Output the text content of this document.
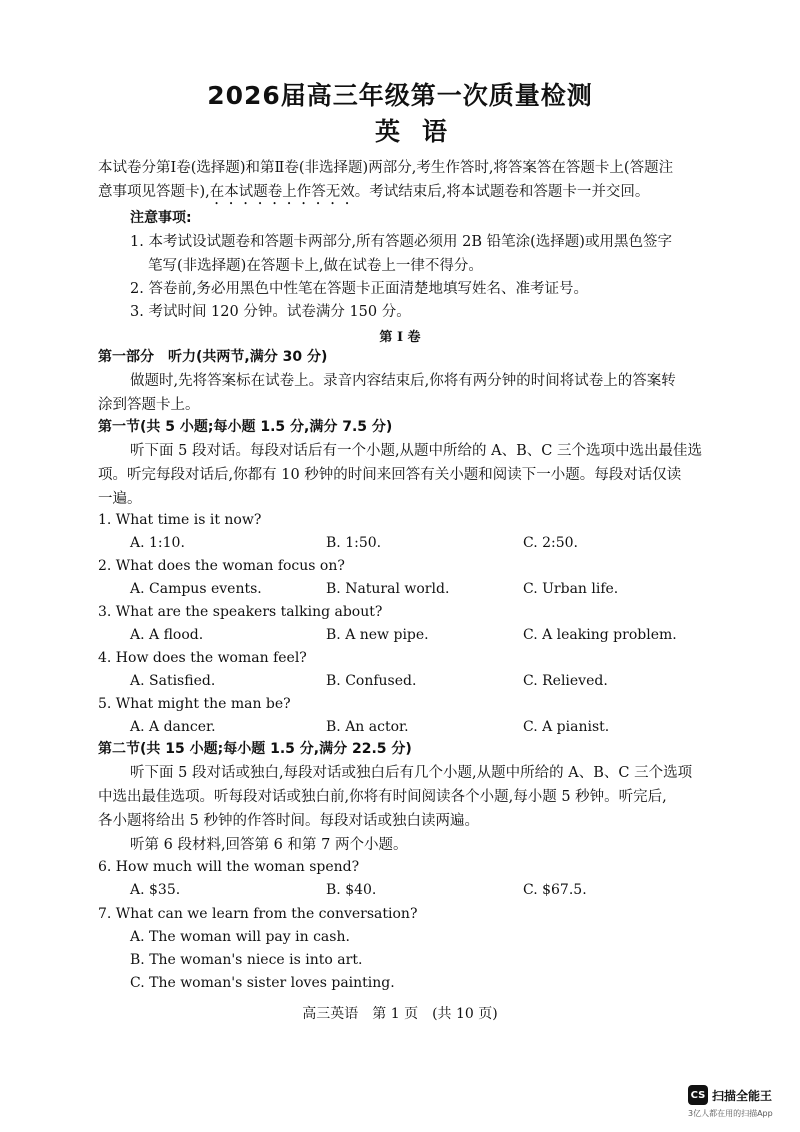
2026届高三年级第一次质量检测
英语
本试卷分第Ⅰ卷(选择题)和第Ⅱ卷(非选择题)两部分,考生作答时,将答案答在答题卡上(答题注
意事项见答题卡),在本试题卷上作答无效。考试结束后,将本试题卷和答题卡一并交回。
注意事项:
1. 本考试设试题卷和答题卡两部分,所有答题必须用 2B 铅笔涂(选择题)或用黑色签字
笔写(非选择题)在答题卡上,做在试卷上一律不得分。
2. 答卷前,务必用黑色中性笔在答题卡正面清楚地填写姓名、准考证号。
3. 考试时间 120 分钟。试卷满分 150 分。
第 Ⅰ 卷
第一部分　听力(共两节,满分 30 分)
做题时,先将答案标在试卷上。录音内容结束后,你将有两分钟的时间将试卷上的答案转
涂到答题卡上。
第一节(共 5 小题;每小题 1.5 分,满分 7.5 分)
听下面 5 段对话。每段对话后有一个小题,从题中所给的 A、B、C 三个选项中选出最佳选
项。听完每段对话后,你都有 10 秒钟的时间来回答有关小题和阅读下一小题。每段对话仅读
一遍。
1. What time is it now?
A. 1:10.	B. 1:50.	C. 2:50.
2. What does the woman focus on?
A. Campus events.	B. Natural world.	C. Urban life.
3. What are the speakers talking about?
A. A flood.	B. A new pipe.	C. A leaking problem.
4. How does the woman feel?
A. Satisfied.	B. Confused.	C. Relieved.
5. What might the man be?
A. A dancer.	B. An actor.	C. A pianist.
第二节(共 15 小题;每小题 1.5 分,满分 22.5 分)
听下面 5 段对话或独白,每段对话或独白后有几个小题,从题中所给的 A、B、C 三个选项
中选出最佳选项。听每段对话或独白前,你将有时间阅读各个小题,每小题 5 秒钟。听完后,
各小题将给出 5 秒钟的作答时间。每段对话或独白读两遍。
听第 6 段材料,回答第 6 和第 7 两个小题。
6. How much will the woman spend?
A. $35.	B. $40.	C. $67.5.
7. What can we learn from the conversation?
A. The woman will pay in cash.
B. The woman's niece is into art.
C. The woman's sister loves painting.
高三英语　第 1 页　(共 10 页)
CS 扫描全能王
3亿人都在用的扫描App
